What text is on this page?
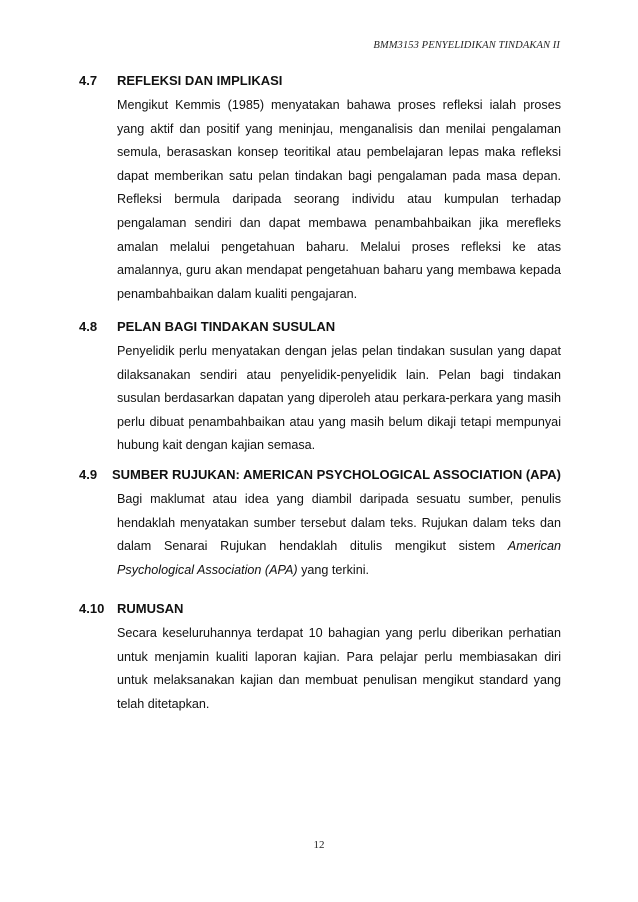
BMM3153 PENYELIDIKAN TINDAKAN II
4.7 REFLEKSI DAN IMPLIKASI

Mengikut Kemmis (1985) menyatakan bahawa proses refleksi ialah proses yang aktif dan positif yang meninjau, menganalisis dan menilai pengalaman semula, berasaskan konsep teoritikal atau pembelajaran lepas maka refleksi dapat memberikan satu pelan tindakan bagi pengalaman pada masa depan. Refleksi bermula daripada seorang individu atau kumpulan terhadap pengalaman sendiri dan dapat membawa penambahbaikan jika merefleks amalan melalui pengetahuan baharu. Melalui proses refleksi ke atas amalannya, guru akan mendapat pengetahuan baharu yang membawa kepada penambahbaikan dalam kualiti pengajaran.

4.8 PELAN BAGI TINDAKAN SUSULAN

Penyelidik perlu menyatakan dengan jelas pelan tindakan susulan yang dapat dilaksanakan sendiri atau penyelidik-penyelidik lain. Pelan bagi tindakan susulan berdasarkan dapatan yang diperoleh atau perkara-perkara yang masih perlu dibuat penambahbaikan atau yang masih belum dikaji tetapi mempunyai hubung kait dengan kajian semasa.

4.9 SUMBER RUJUKAN: AMERICAN PSYCHOLOGICAL ASSOCIATION (APA)

Bagi maklumat atau idea yang diambil daripada sesuatu sumber, penulis hendaklah menyatakan sumber tersebut dalam teks. Rujukan dalam teks dan dalam Senarai Rujukan hendaklah ditulis mengikut sistem American Psychological Association (APA) yang terkini.

4.10 RUMUSAN

Secara keseluruhannya terdapat 10 bahagian yang perlu diberikan perhatian untuk menjamin kualiti laporan kajian. Para pelajar perlu membiasakan diri untuk melaksanakan kajian dan membuat penulisan mengikut standard yang telah ditetapkan.

12
